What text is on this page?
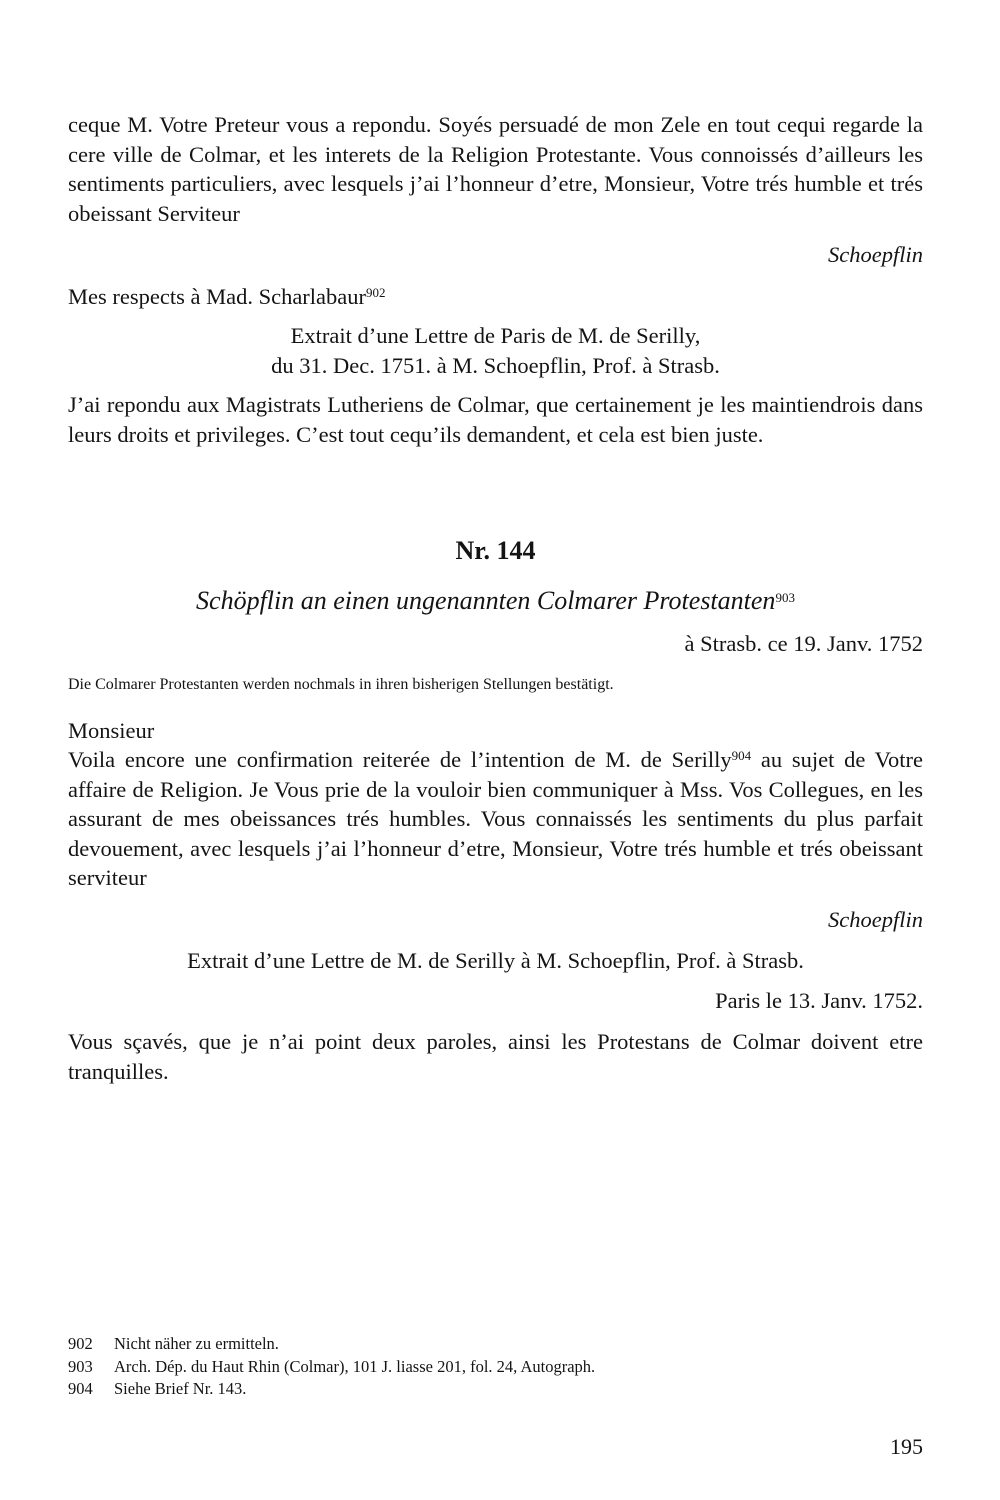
ceque M. Votre Preteur vous a repondu. Soyés persuadé de mon Zele en tout cequi regarde la cere ville de Colmar, et les interets de la Religion Protestante. Vous connoissés d’ailleurs les sentiments particuliers, avec lesquels j’ai l’honneur d’etre, Monsieur, Votre trés humble et trés obeissant Serviteur

Schoepflin

Mes respects à Mad. Scharlabaur$^{902}$

Extrait d’une Lettre de Paris de M. de Serilly,

du 31. Dec. 1751. à M. Schoepflin, Prof. à Strasb.

J’ai repondu aux Magistrats Lutheriens de Colmar, que certainement je les maintiendrois dans leurs droits et privileges. C’est tout cequ’ils demandent, et cela est bien juste.

Nr. 144

Schöpflin an einen ungenannten Colmarer Protestanten$^{903}$

à Strasb. ce 19. Janv. 1752

Die Colmarer Protestanten werden nochmals in ihren bisherigen Stellungen bestätigt.

Monsieur

Voila encore une confirmation reiterée de l’intention de M. de Serilly$^{904}$ au sujet de Votre affaire de Religion. Je Vous prie de la vouloir bien communiquer à Mss. Vos Collegues, en les assurant de mes obeissances trés humbles. Vous connaissés les sentiments du plus parfait devouement, avec lesquels j’ai l’honneur d’etre, Monsieur, Votre trés humble et trés obeissant serviteur

Schoepflin

Extrait d’une Lettre de M. de Serilly à M. Schoepflin, Prof. à Strasb.

Paris le 13. Janv. 1752.

Vous sçavés, que je n’ai point deux paroles, ainsi les Protestans de Colmar doivent etre tranquilles.

902	Nicht näher zu ermitteln.
903	Arch. Dép. du Haut Rhin (Colmar), 101 J. liasse 201, fol. 24, Autograph.
904	Siehe Brief Nr. 143.
195
